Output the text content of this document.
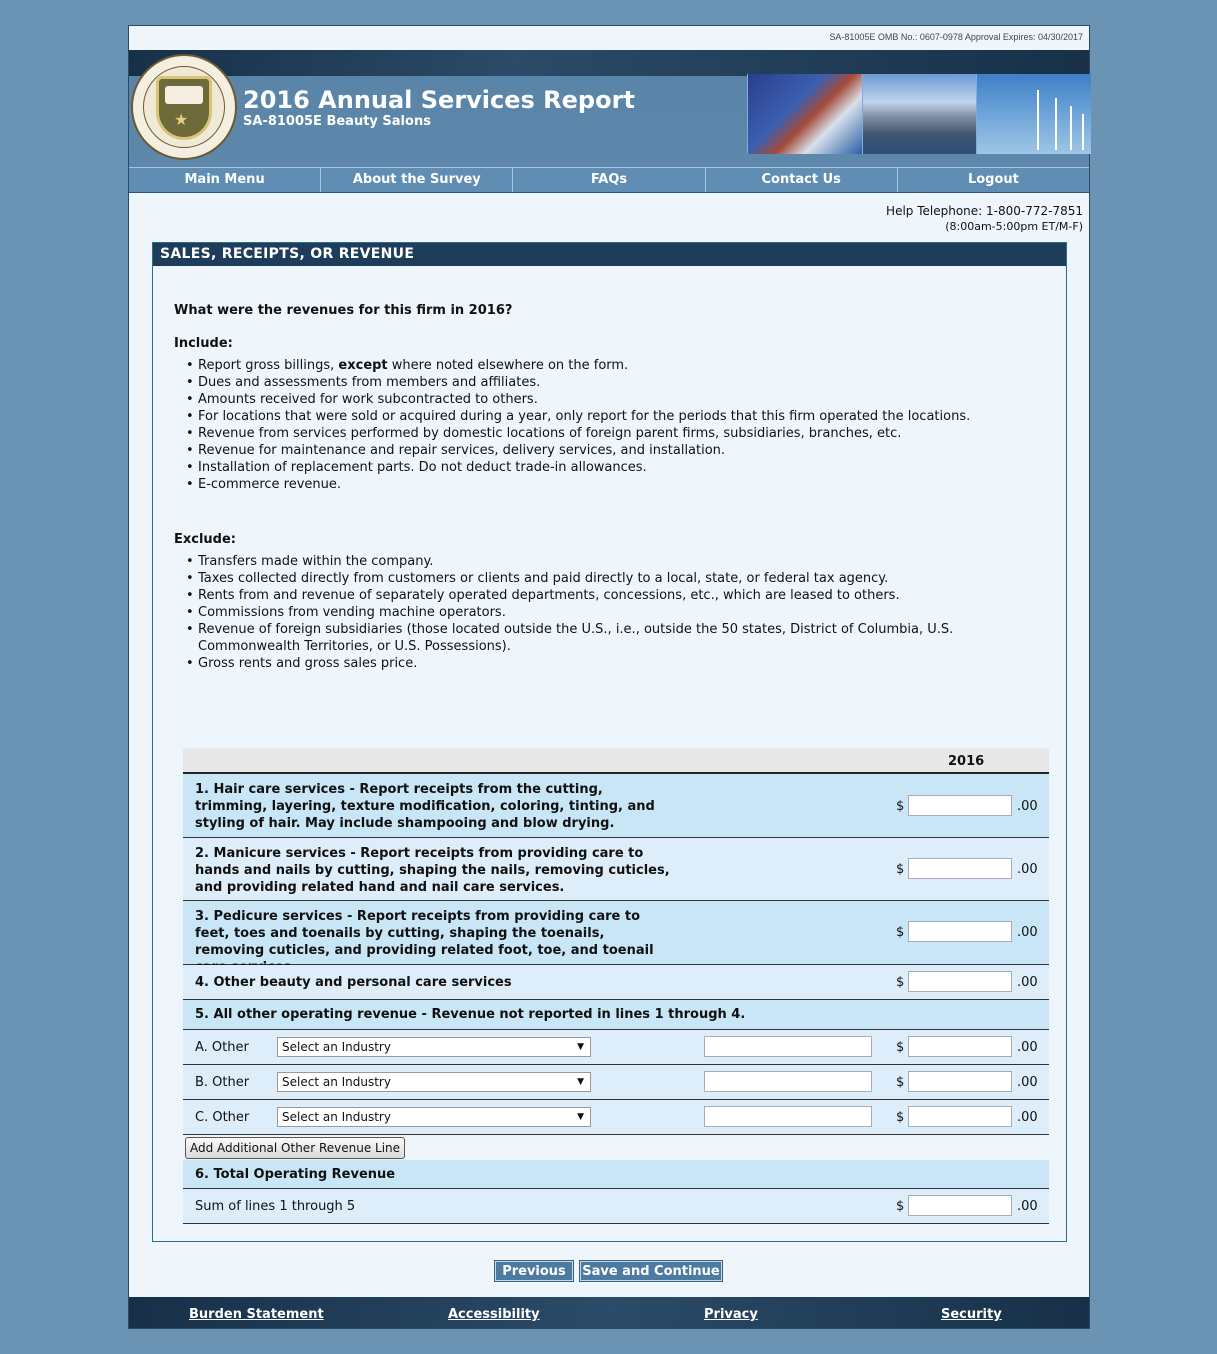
SA-81005E OMB No.: 0607-0978 Approval Expires: 04/30/2017
★
2016 Annual Services Report
SA-81005E Beauty Salons
Main Menu	About the Survey	FAQs	Contact Us	Logout
Help Telephone: 1-800-772-7851
(8:00am-5:00pm ET/M-F)
SALES, RECEIPTS, OR REVENUE

What were the revenues for this firm in 2016?

Include:

• Report gross billings, except where noted elsewhere on the form.
• Dues and assessments from members and affiliates.
• Amounts received for work subcontracted to others.
• For locations that were sold or acquired during a year, only report for the periods that this firm operated the locations.
• Revenue from services performed by domestic locations of foreign parent firms, subsidiaries, branches, etc.
• Revenue for maintenance and repair services, delivery services, and installation.
• Installation of replacement parts. Do not deduct trade-in allowances.
• E-commerce revenue.

Exclude:

• Transfers made within the company.
• Taxes collected directly from customers or clients and paid directly to a local, state, or federal tax agency.
• Rents from and revenue of separately operated departments, concessions, etc., which are leased to others.
• Commissions from vending machine operators.
• Revenue of foreign subsidiaries (those located outside the U.S., i.e., outside the 50 states, District of Columbia, U.S. Commonwealth Territories, or U.S. Possessions).
• Gross rents and gross sales price.
2016
1. Hair care services - Report receipts from the cutting, trimming, layering, texture modification, coloring, tinting, and styling of hair. May include shampooing and blow drying.
$	.00
2. Manicure services - Report receipts from providing care to hands and nails by cutting, shaping the nails, removing cuticles, and providing related hand and nail care services.
$	.00
3. Pedicure services - Report receipts from providing care to feet, toes and toenails by cutting, shaping the toenails, removing cuticles, and providing related foot, toe, and toenail
$	.00
4. Other beauty and personal care services	$	.00
5. All other operating revenue - Revenue not reported in lines 1 through 4.
A. Other	Select an Industry	▼	$	.00
B. Other	Select an Industry	▼	$	.00
C. Other	Select an Industry	▼	$	.00
Add Additional Other Revenue Line
6. Total Operating Revenue
Sum of lines 1 through 5	$	.00
Previous	Save and Continue
Burden Statement	Accessibility	Privacy	Security
